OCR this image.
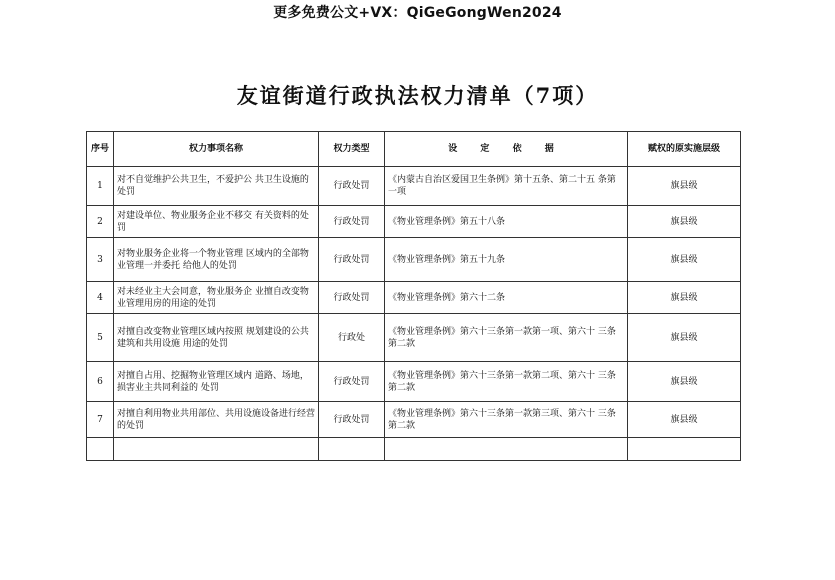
更多免费公文+VX：QiGeGongWen2024
友谊街道行政执法权力清单（7项）
序号	权力事项名称	权力类型	设 定 依 据	赋权的原实施层级
1	对不自觉维护公共卫生，不爱护公 共卫生设施的处罚	行政处罚	《内蒙古自治区爱国卫生条例》第十五条、第二十五 条第一项	旗县级
2	对建设单位、物业服务企业不移交 有关资料的处罚	行政处罚	《物业管理条例》第五十八条	旗县级
3	对物业服务企业将一个物业管理 区域内的全部物业管理一并委托 给他人的处罚	行政处罚	《物业管理条例》第五十九条	旗县级
4	对未经业主大会同意，物业服务企 业擅自改变物业管理用房的用途的处罚	行政处罚	《物业管理条例》第六十二条	旗县级
5	对擅自改变物业管理区域内按照 规划建设的公共建筑和共用设施 用途的处罚	行政处	《物业管理条例》第六十三条第一款第一项、第六十 三条第二款	旗县级
6	对擅自占用、挖掘物业管理区域内 道路、场地，损害业主共同利益的 处罚	行政处罚	《物业管理条例》第六十三条第一款第二项、第六十 三条第二款	旗县级
7	对擅自利用物业共用部位、共用设施设备进行经营的处罚	行政处罚	《物业管理条例》第六十三条第一款第三项、第六十 三条第二款	旗县级
